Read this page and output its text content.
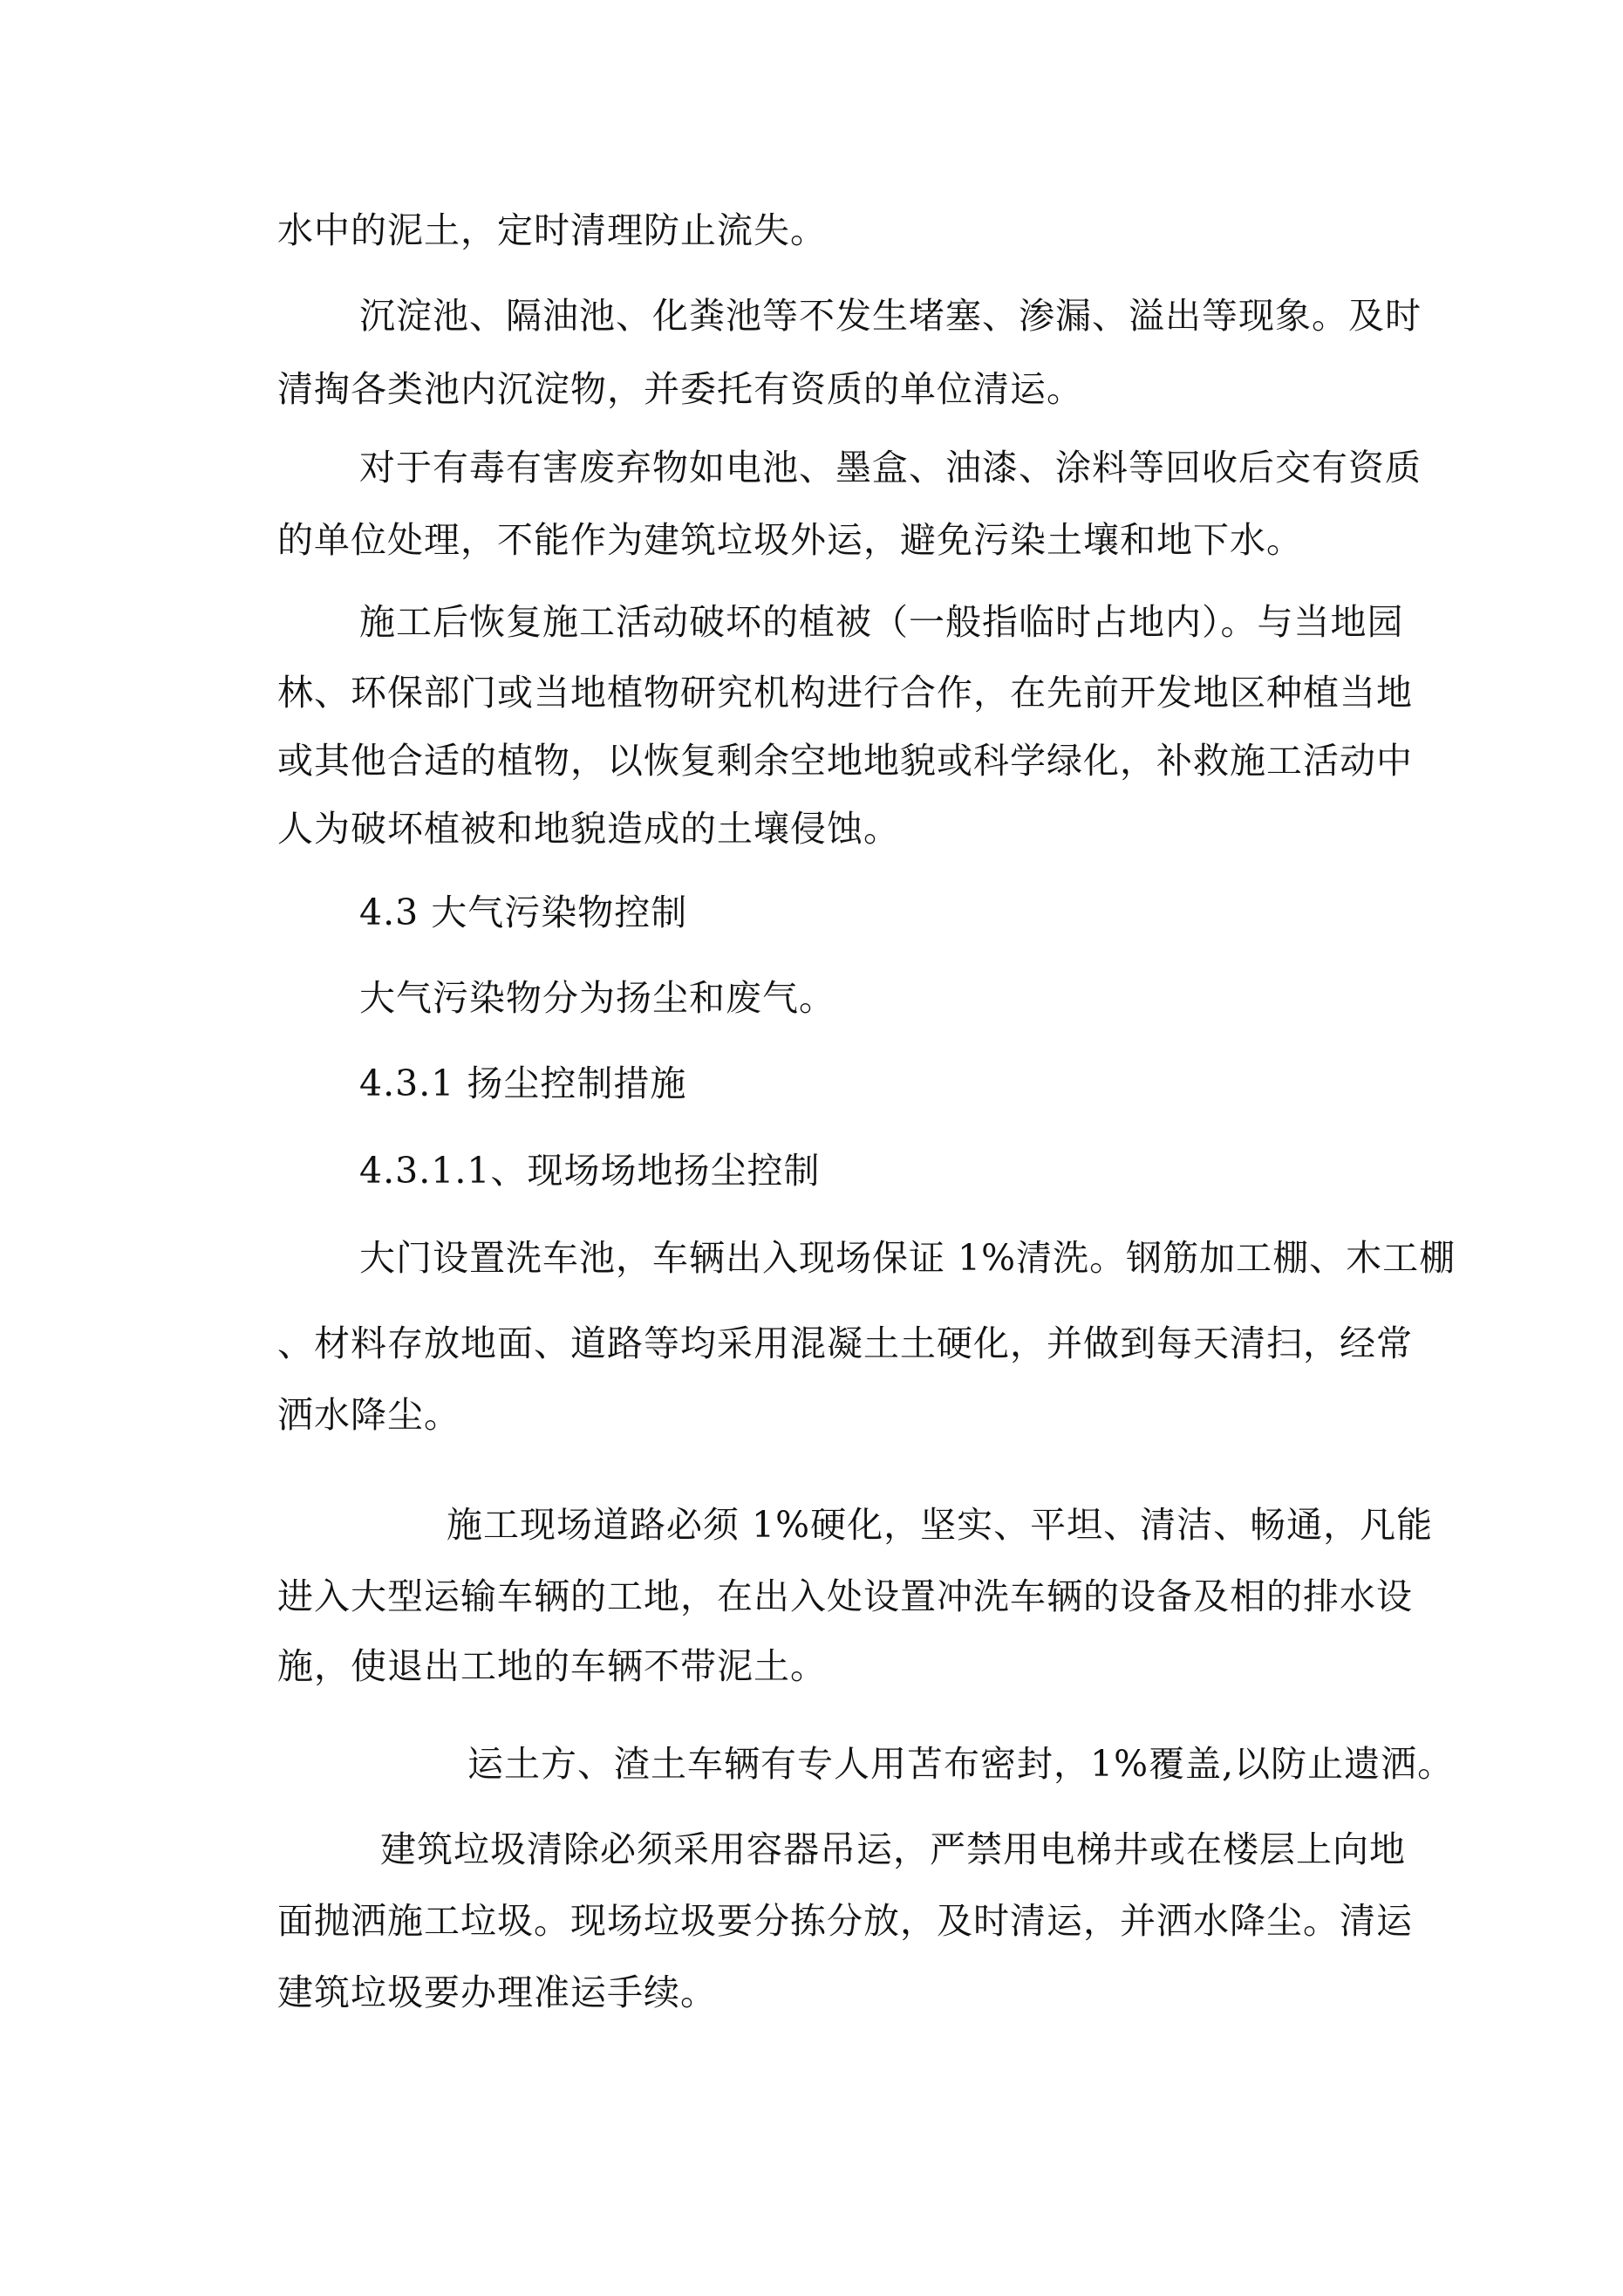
水中的泥土，定时清理防止流失。
沉淀池、隔油池、化粪池等不发生堵塞、渗漏、溢出等现象。及时
清掏各类池内沉淀物，并委托有资质的单位清运。
对于有毒有害废弃物如电池、墨盒、油漆、涂料等回收后交有资质
的单位处理，不能作为建筑垃圾外运，避免污染土壤和地下水。
施工后恢复施工活动破坏的植被（一般指临时占地内）。与当地园
林、环保部门或当地植物研究机构进行合作，在先前开发地区种植当地
或其他合适的植物，以恢复剩余空地地貌或科学绿化，补救施工活动中
人为破坏植被和地貌造成的土壤侵蚀。
4.3 大气污染物控制
大气污染物分为扬尘和废气。
4.3.1 扬尘控制措施
4.3.1.1、现场场地扬尘控制
大门设置洗车池，车辆出入现场保证 1%清洗。钢筋加工棚、木工棚
、材料存放地面、道路等均采用混凝土土硬化，并做到每天清扫，经常
洒水降尘。
施工现场道路必须 1%硬化，坚实、平坦、清洁、畅通，凡能
进入大型运输车辆的工地，在出入处设置冲洗车辆的设备及相的排水设
施，使退出工地的车辆不带泥土。
运土方、渣土车辆有专人用苫布密封，1%覆盖,以防止遗洒。
建筑垃圾清除必须采用容器吊运，严禁用电梯井或在楼层上向地
面抛洒施工垃圾。现场垃圾要分拣分放，及时清运，并洒水降尘。清运
建筑垃圾要办理准运手续。
